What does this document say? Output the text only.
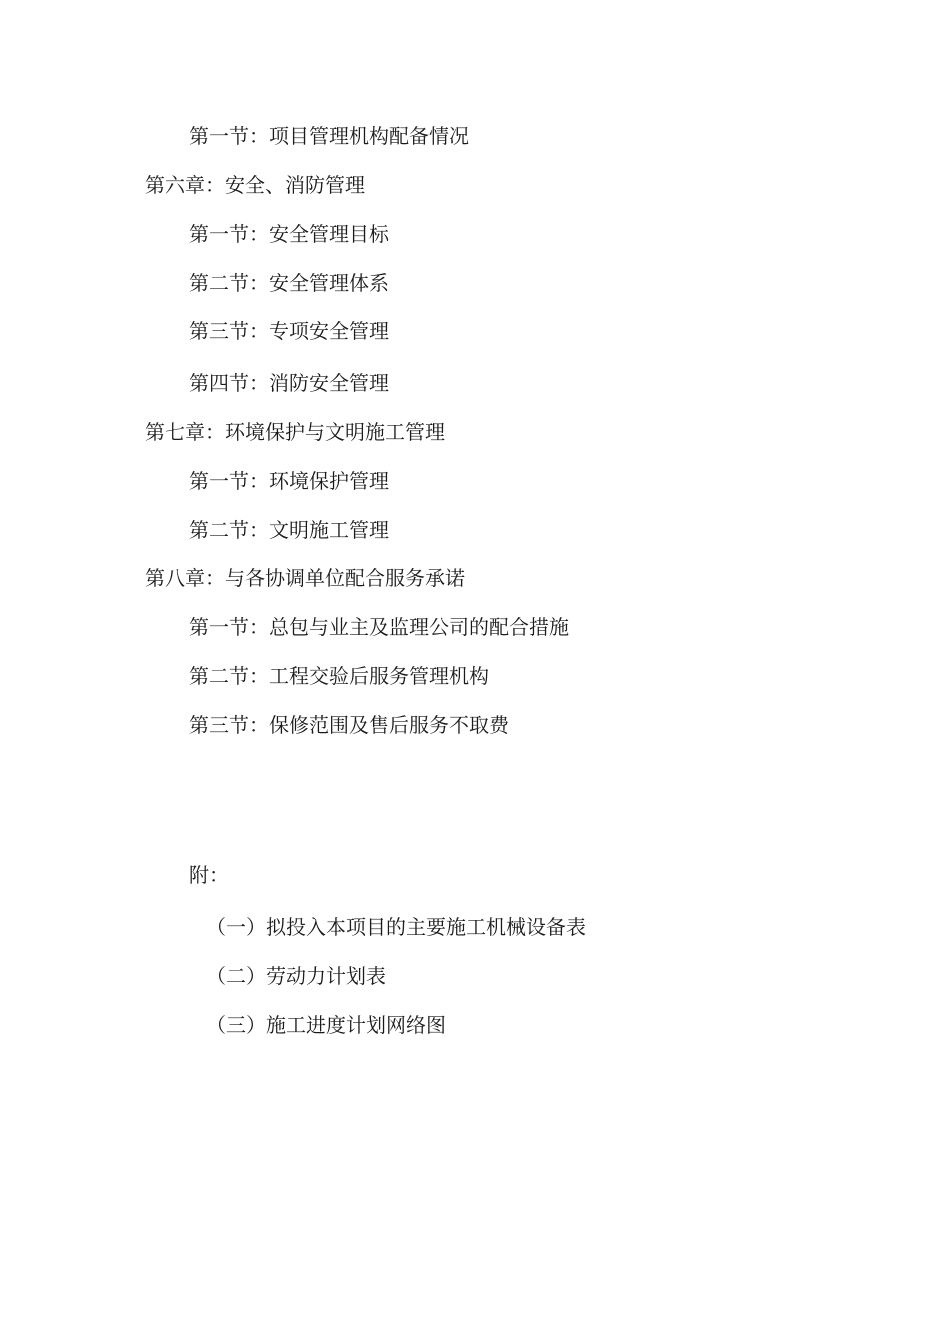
第一节：项目管理机构配备情况
第六章：安全、消防管理
第一节：安全管理目标
第二节：安全管理体系
第三节：专项安全管理
第四节：消防安全管理
第七章：环境保护与文明施工管理
第一节：环境保护管理
第二节：文明施工管理
第八章：与各协调单位配合服务承诺
第一节：总包与业主及监理公司的配合措施
第二节：工程交验后服务管理机构
第三节：保修范围及售后服务不取费
附：
（一）拟投入本项目的主要施工机械设备表
（二）劳动力计划表
（三）施工进度计划网络图
